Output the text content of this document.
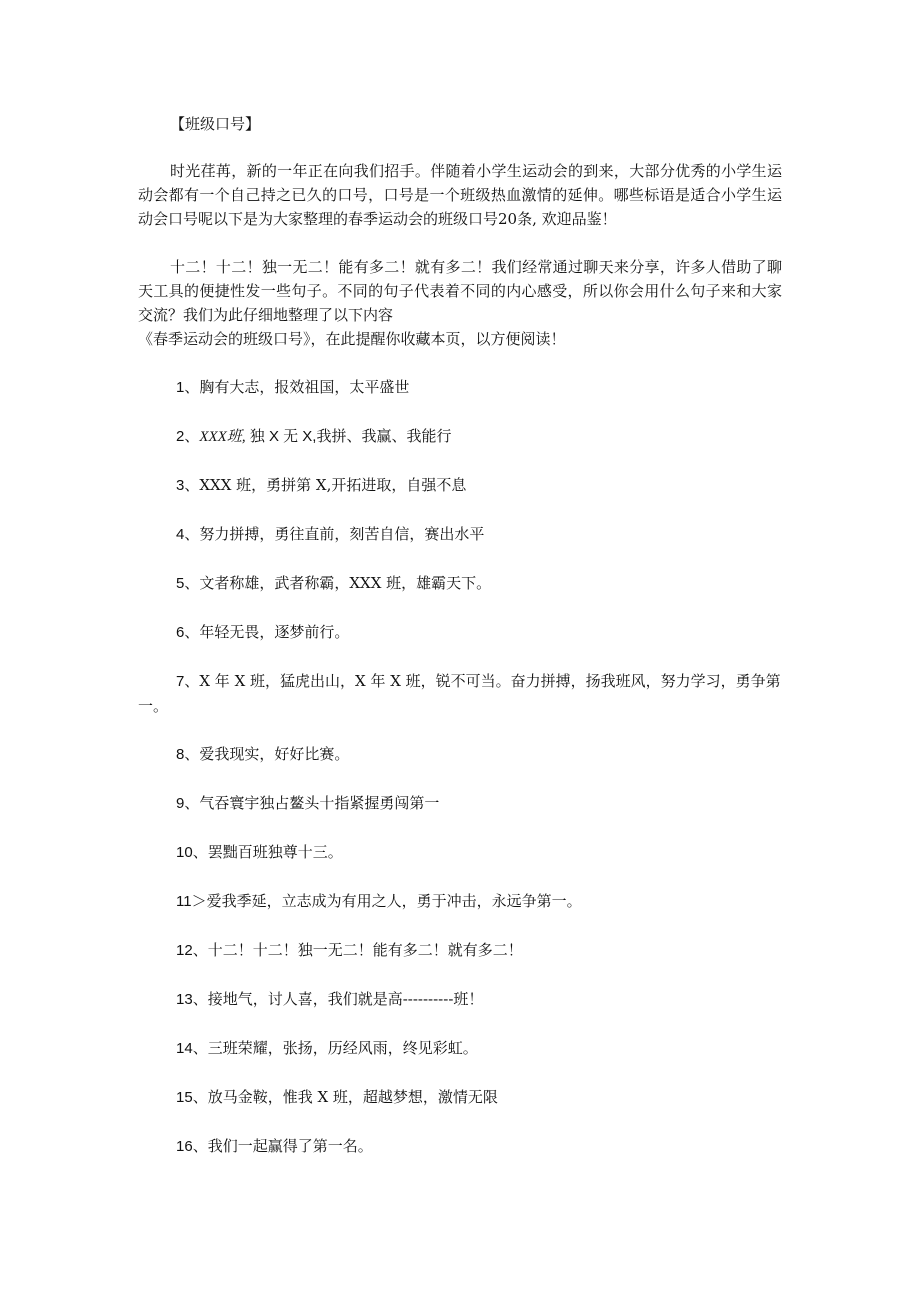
【班级口号】

时光荏苒，新的一年正在向我们招手。伴随着小学生运动会的到来，大部分优秀的小学生运动会都有一个自己持之已久的口号，口号是一个班级热血激情的延伸。哪些标语是适合小学生运动会口号呢以下是为大家整理的春季运动会的班级口号20条, 欢迎品鉴！

十二！十二！独一无二！能有多二！就有多二！我们经常通过聊天来分享，许多人借助了聊天工具的便捷性发一些句子。不同的句子代表着不同的内心感受，所以你会用什么句子来和大家交流？我们为此仔细地整理了以下内容

《春季运动会的班级口号》，在此提醒你收藏本页，以方便阅读！

1、胸有大志，报效祖国，太平盛世

2、XXX班, 独 X 无 X,我拼、我赢、我能行

3、XXX 班，勇拼第 X,开拓进取，自强不息

4、努力拼搏，勇往直前，刻苦自信，赛出水平

5、文者称雄，武者称霸，XXX 班，雄霸天下。

6、年轻无畏，逐梦前行。

7、X 年 X 班，猛虎出山，X 年 X 班，锐不可当。奋力拼搏，扬我班风，努力学习，勇争第一。

8、爱我现实，好好比赛。

9、气吞寰宇独占鳌头十指紧握勇闯第一

10、罢黜百班独尊十三。

11＞爱我季延，立志成为有用之人，勇于冲击，永远争第一。

12、十二！十二！独一无二！能有多二！就有多二！

13、接地气，讨人喜，我们就是高----------班！

14、三班荣耀，张扬，历经风雨，终见彩虹。

15、放马金鞍，惟我 X 班，超越梦想，激情无限

16、我们一起赢得了第一名。
